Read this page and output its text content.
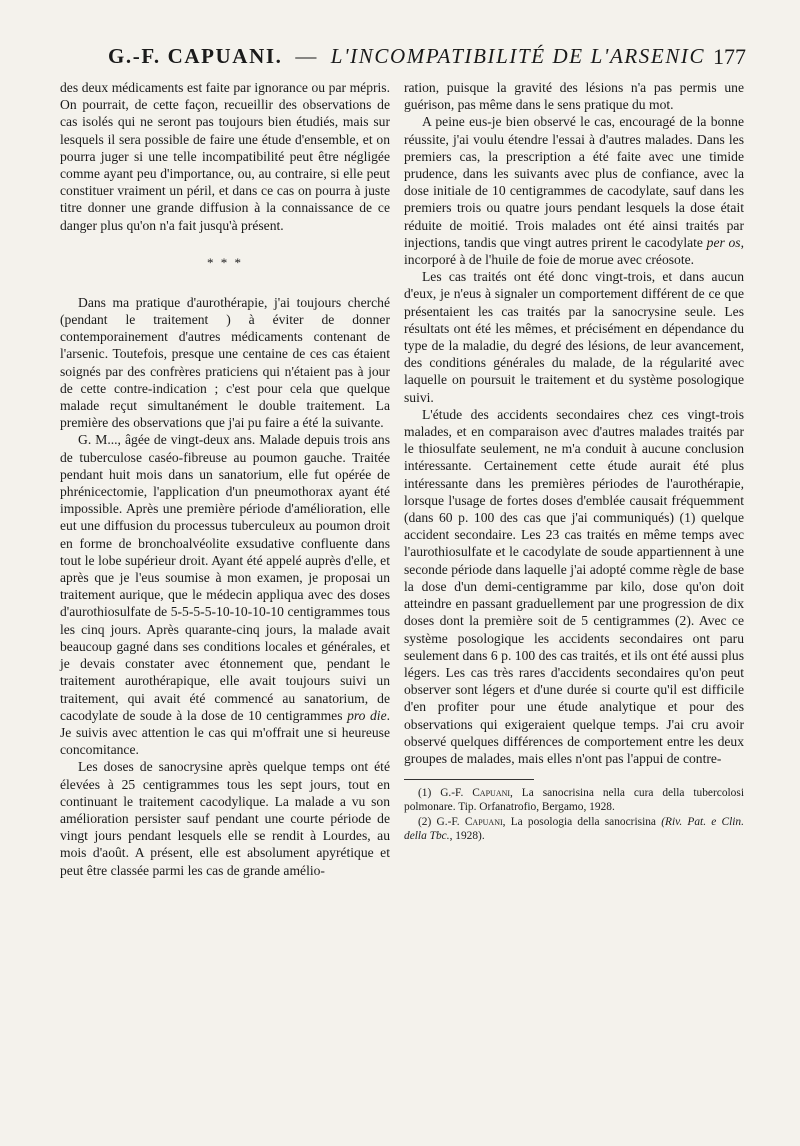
G.-F. CAPUANI. — L'INCOMPATIBILITÉ DE L'ARSENIC 177

des deux médicaments est faite par ignorance ou par mépris. On pourrait, de cette façon, recueillir des observations de cas isolés qui ne seront pas toujours bien étudiés, mais sur lesquels il sera possible de faire une étude d'ensemble, et on pourra juger si une telle incompatibilité peut être négligée comme ayant peu d'importance, ou, au contraire, si elle peut constituer vraiment un péril, et dans ce cas on pourra à juste titre donner une grande diffusion à la connaissance de ce danger plus qu'on n'a fait jusqu'à présent.

* * *

Dans ma pratique d'aurothérapie, j'ai toujours cherché (pendant le traitement ) à éviter de donner contemporainement d'autres médicaments contenant de l'arsenic. Toutefois, presque une centaine de ces cas étaient soignés par des confrères praticiens qui n'étaient pas à jour de cette contre-indication ; c'est pour cela que quelque malade reçut simultanément le double traitement. La première des observations que j'ai pu faire a été la suivante.

G. M..., âgée de vingt-deux ans. Malade depuis trois ans de tuberculose caséo-fibreuse au poumon gauche. Traitée pendant huit mois dans un sanatorium, elle fut opérée de phrénicectomie, l'application d'un pneumothorax ayant été impossible. Après une première période d'amélioration, elle eut une diffusion du processus tuberculeux au poumon droit en forme de bronchoalvéolite exsudative confluente dans tout le lobe supérieur droit. Ayant été appelé auprès d'elle, et après que je l'eus soumise à mon examen, je proposai un traitement aurique, que le médecin appliqua avec des doses d'aurothiosulfate de 5-5-5-5-10-10-10-10 centigrammes tous les cinq jours. Après quarante-cinq jours, la malade avait beaucoup gagné dans ses conditions locales et générales, et je devais constater avec étonnement que, pendant le traitement aurothérapique, elle avait toujours suivi un traitement, qui avait été commencé au sanatorium, de cacodylate de soude à la dose de 10 centigrammes pro die. Je suivis avec attention le cas qui m'offrait une si heureuse concomitance.

Les doses de sanocrysine après quelque temps ont été élevées à 25 centigrammes tous les sept jours, tout en continuant le traitement cacodylique. La malade a vu son amélioration persister sauf pendant une courte période de vingt jours pendant lesquels elle se rendit à Lourdes, au mois d'août. A présent, elle est absolument apyrétique et peut être classée parmi les cas de grande amélio-

ration, puisque la gravité des lésions n'a pas permis une guérison, pas même dans le sens pratique du mot.

A peine eus-je bien observé le cas, encouragé de la bonne réussite, j'ai voulu étendre l'essai à d'autres malades. Dans les premiers cas, la prescription a été faite avec une timide prudence, dans les suivants avec plus de confiance, avec la dose initiale de 10 centigrammes de cacodylate, sauf dans les premiers trois ou quatre jours pendant lesquels la dose était réduite de moitié. Trois malades ont été ainsi traités par injections, tandis que vingt autres prirent le cacodylate per os, incorporé à de l'huile de foie de morue avec créosote.

Les cas traités ont été donc vingt-trois, et dans aucun d'eux, je n'eus à signaler un comportement différent de ce que présentaient les cas traités par la sanocrysine seule. Les résultats ont été les mêmes, et précisément en dépendance du type de la maladie, du degré des lésions, de leur avancement, des conditions générales du malade, de la régularité avec laquelle on poursuit le traitement et du système posologique suivi.

L'étude des accidents secondaires chez ces vingt-trois malades, et en comparaison avec d'autres malades traités par le thiosulfate seulement, ne m'a conduit à aucune conclusion intéressante. Certainement cette étude aurait été plus intéressante dans les premières périodes de l'aurothérapie, lorsque l'usage de fortes doses d'emblée causait fréquemment (dans 60 p. 100 des cas que j'ai communiqués) (1) quelque accident secondaire. Les 23 cas traités en même temps avec l'aurothiosulfate et le cacodylate de soude appartiennent à une seconde période dans laquelle j'ai adopté comme règle de base la dose d'un demi-centigramme par kilo, dose qu'on doit atteindre en passant graduellement par une progression de dix doses dont la première soit de 5 centigrammes (2). Avec ce système posologique les accidents secondaires ont paru seulement dans 6 p. 100 des cas traités, et ils ont été aussi plus légers. Les cas très rares d'accidents secondaires qu'on peut observer sont légers et d'une durée si courte qu'il est difficile d'en profiter pour une étude analytique et pour des observations qui exigeraient quelque temps. J'ai cru avoir observé quelques différences de comportement entre les deux groupes de malades, mais elles n'ont pas l'appui de contre-

(1) G.-F. Capuani, La sanocrisina nella cura della tubercolosi polmonare. Tip. Orfanatrofio, Bergamo, 1928.

(2) G.-F. Capuani, La posologia della sanocrisina (Riv. Pat. e Clin. della Tbc., 1928).
